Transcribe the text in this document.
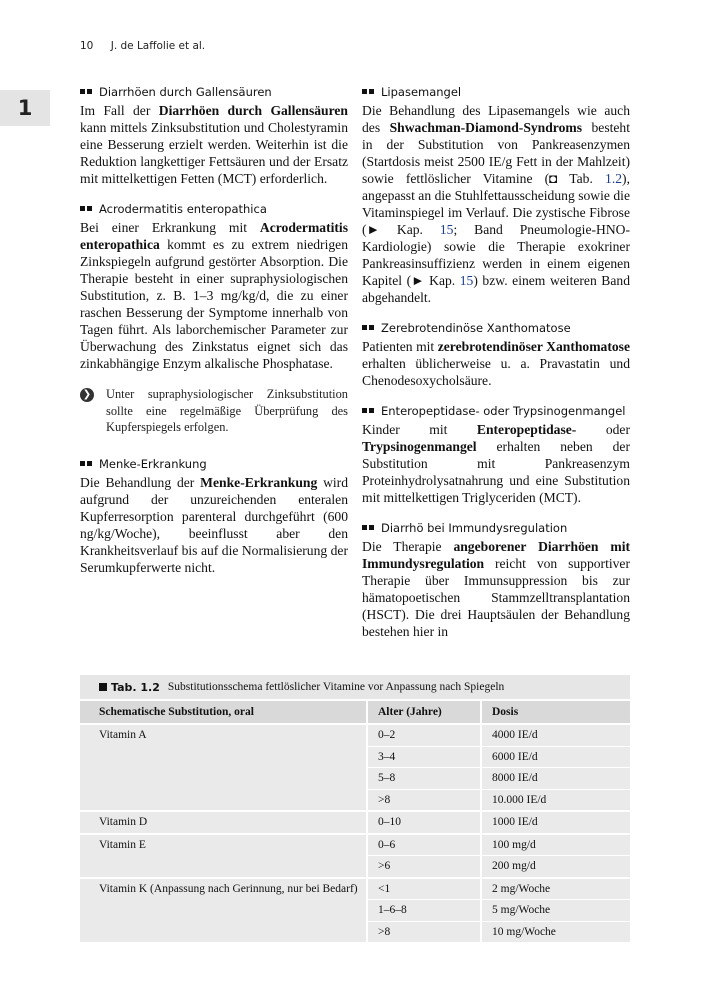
10 J. de Laffolie et al.
1
Diarrhöen durch Gallensäuren

Im Fall der Diarrhöen durch Gallensäuren kann mittels Zinksubstitution und Cholestyramin eine Besserung erzielt werden. Weiterhin ist die Reduktion langkettiger Fettsäuren und der Ersatz mit mittelkettigen Fetten (MCT) erforderlich.

Acrodermatitis enteropathica

Bei einer Erkrankung mit Acrodermatitis enteropathica kommt es zu extrem niedrigen Zinkspiegeln aufgrund gestörter Absorption. Die Therapie besteht in einer supraphysiologischen Substitution, z. B. 1–3 mg/kg/d, die zu einer raschen Besserung der Symptome innerhalb von Tagen führt. Als laborchemischer Parameter zur Überwachung des Zinkstatus eignet sich das zinkabhängige Enzym alkalische Phosphatase.

❯ Unter supraphysiologischer Zinksubstitution sollte eine regelmäßige Überprüfung des Kupferspiegels erfolgen.
Menke-Erkrankung

Die Behandlung der Menke-Erkrankung wird aufgrund der unzureichenden enteralen Kupferresorption parenteral durchgeführt (600 ng/kg/Woche), beeinflusst aber den Krankheitsverlauf bis auf die Normalisierung der Serumkupferwerte nicht.

Lipasemangel

Die Behandlung des Lipasemangels wie auch des Shwachman-Diamond-Syndroms besteht in der Substitution von Pankreasenzymen (Startdosis meist 2500 IE/g Fett in der Mahlzeit) sowie fettlöslicher Vitamine (◘ Tab. 1.2), angepasst an die Stuhlfettausscheidung sowie die Vitaminspiegel im Verlauf. Die zystische Fibrose (► Kap. 15; Band Pneumologie-HNO-Kardiologie) sowie die Therapie exokriner Pankreasinsuffizienz werden in einem eigenen Kapitel (► Kap. 15) bzw. einem weiteren Band abgehandelt.

Zerebrotendinöse Xanthomatose

Patienten mit zerebrotendinöser Xanthomatose erhalten üblicherweise u. a. Pravastatin und Chenodesoxycholsäure.

Enteropeptidase- oder Trypsinogenmangel

Kinder mit Enteropeptidase- oder Trypsinogenmangel erhalten neben der Substitution mit Pankreasenzym Proteinhydrolysatnahrung und eine Substitution mit mittelkettigen Triglyceriden (MCT).

Diarrhö bei Immundysregulation

Die Therapie angeborener Diarrhöen mit Immundysregulation reicht von supportiver Therapie über Immunsuppression bis zur hämatopoetischen Stammzelltransplantation (HSCT). Die drei Hauptsäulen der Behandlung bestehen hier in

Tab. 1.2 Substitutionsschema fettlöslicher Vitamine vor Anpassung nach Spiegeln
Schematische Substitution, oral	Alter (Jahre)	Dosis
Vitamin A	0–2	4000 IE/d
	3–4	6000 IE/d
	5–8	8000 IE/d
	>8	10.000 IE/d
Vitamin D	0–10	1000 IE/d
Vitamin E	0–6	100 mg/d
	>6	200 mg/d

Vitamin K (Anpassung nach Gerinnung, nur bei Bedarf)	<1	2 mg/Woche
	1–6–8	5 mg/Woche
	>8	10 mg/Woche
